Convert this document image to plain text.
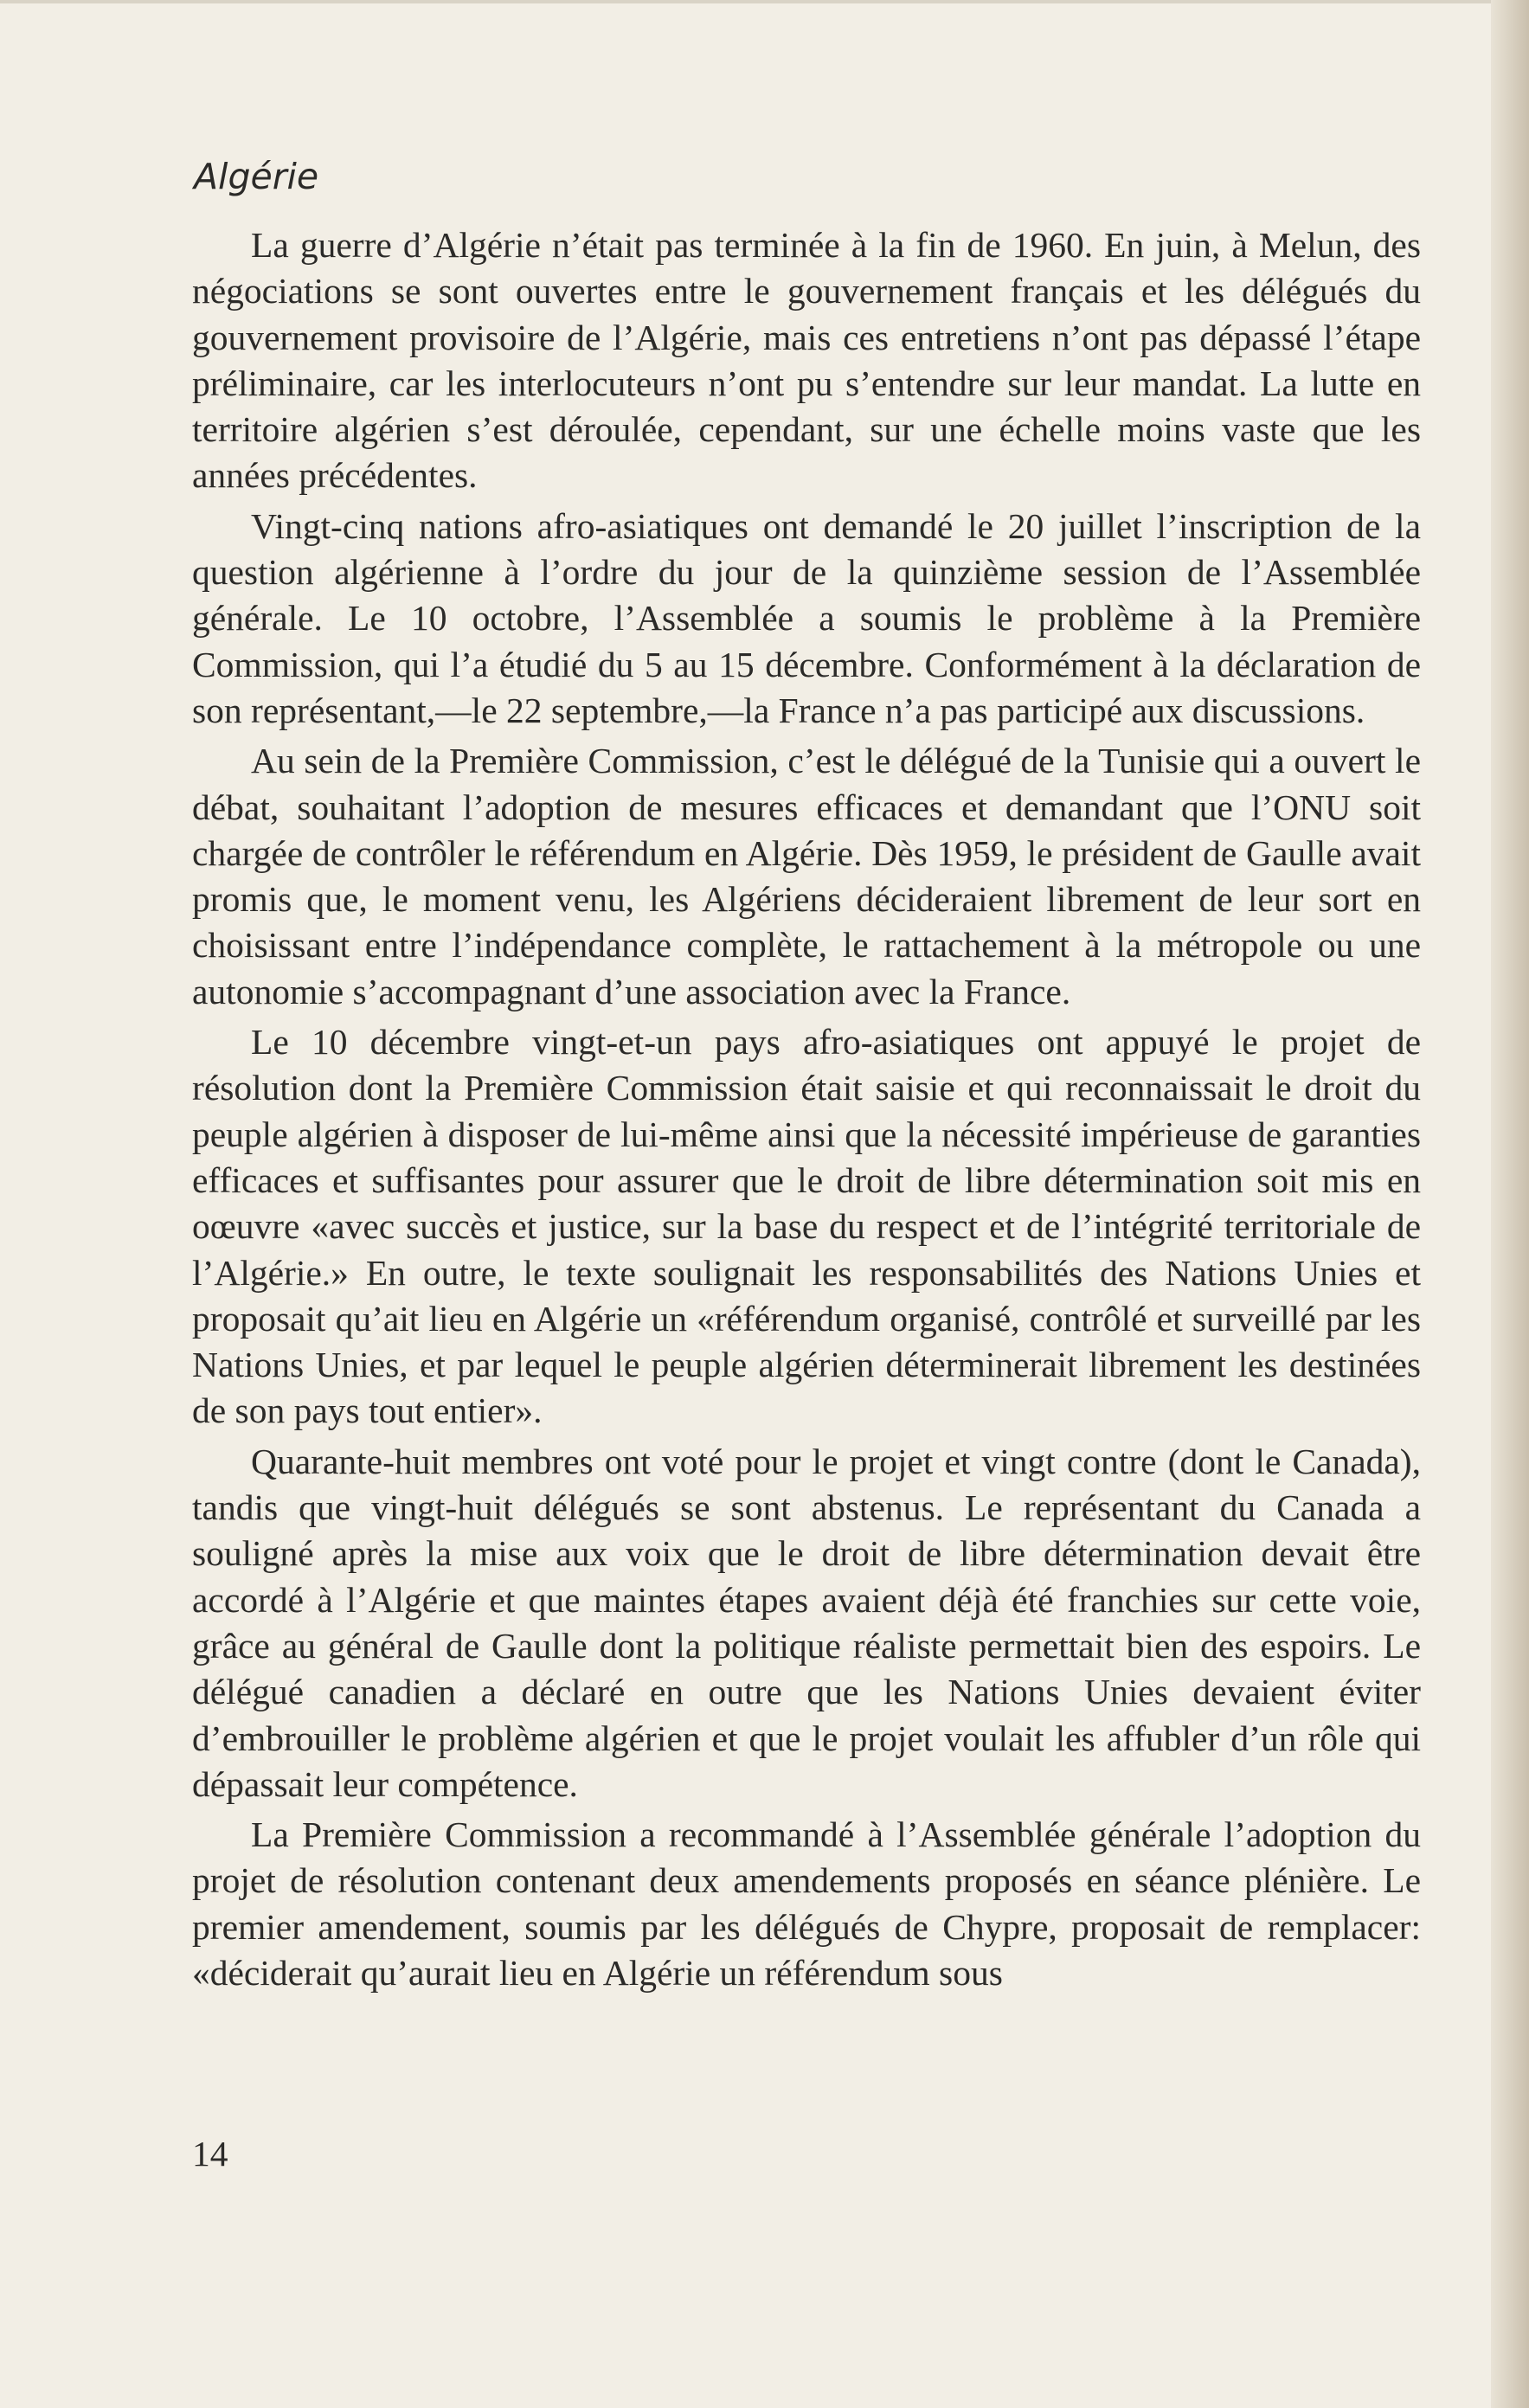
Algérie

La guerre d’Algérie n’était pas terminée à la fin de 1960. En juin, à Melun, des négociations se sont ouvertes entre le gouvernement français et les délégués du gouvernement provisoire de l’Algérie, mais ces entretiens n’ont pas dépassé l’étape préliminaire, car les interlocuteurs n’ont pu s’entendre sur leur mandat. La lutte en territoire algérien s’est déroulée, cependant, sur une échelle moins vaste que les années précédentes.

Vingt-cinq nations afro-asiatiques ont demandé le 20 juillet l’inscription de la question algérienne à l’ordre du jour de la quinzième session de l’Assemblée générale. Le 10 octobre, l’Assemblée a soumis le problème à la Première Commission, qui l’a étudié du 5 au 15 décembre. Conformément à la déclaration de son représentant,—le 22 septembre,—la France n’a pas participé aux discussions.

Au sein de la Première Commission, c’est le délégué de la Tunisie qui a ouvert le débat, souhaitant l’adoption de mesures efficaces et demandant que l’ONU soit chargée de contrôler le référendum en Algérie. Dès 1959, le président de Gaulle avait promis que, le moment venu, les Algériens décideraient librement de leur sort en choisissant entre l’indépendance complète, le rattachement à la métropole ou une autonomie s’accompagnant d’une association avec la France.

Le 10 décembre vingt-et-un pays afro-asiatiques ont appuyé le projet de résolution dont la Première Commission était saisie et qui reconnaissait le droit du peuple algérien à disposer de lui-même ainsi que la nécessité impérieuse de garanties efficaces et suffisantes pour assurer que le droit de libre détermination soit mis en oœuvre «avec succès et justice, sur la base du respect et de l’intégrité territoriale de l’Algérie.» En outre, le texte soulignait les responsabilités des Nations Unies et proposait qu’ait lieu en Algérie un «référendum organisé, contrôlé et surveillé par les Nations Unies, et par lequel le peuple algérien déterminerait librement les destinées de son pays tout entier».

Quarante-huit membres ont voté pour le projet et vingt contre (dont le Canada), tandis que vingt-huit délégués se sont abstenus. Le représentant du Canada a souligné après la mise aux voix que le droit de libre détermination devait être accordé à l’Algérie et que maintes étapes avaient déjà été franchies sur cette voie, grâce au général de Gaulle dont la politique réaliste permettait bien des espoirs. Le délégué canadien a déclaré en outre que les Nations Unies devaient éviter d’embrouiller le problème algérien et que le projet voulait les affubler d’un rôle qui dépassait leur compétence.

La Première Commission a recommandé à l’Assemblée générale l’adoption du projet de résolution contenant deux amendements proposés en séance plénière. Le premier amendement, soumis par les délégués de Chypre, proposait de remplacer: «déciderait qu’aurait lieu en Algérie un référendum sous

14
